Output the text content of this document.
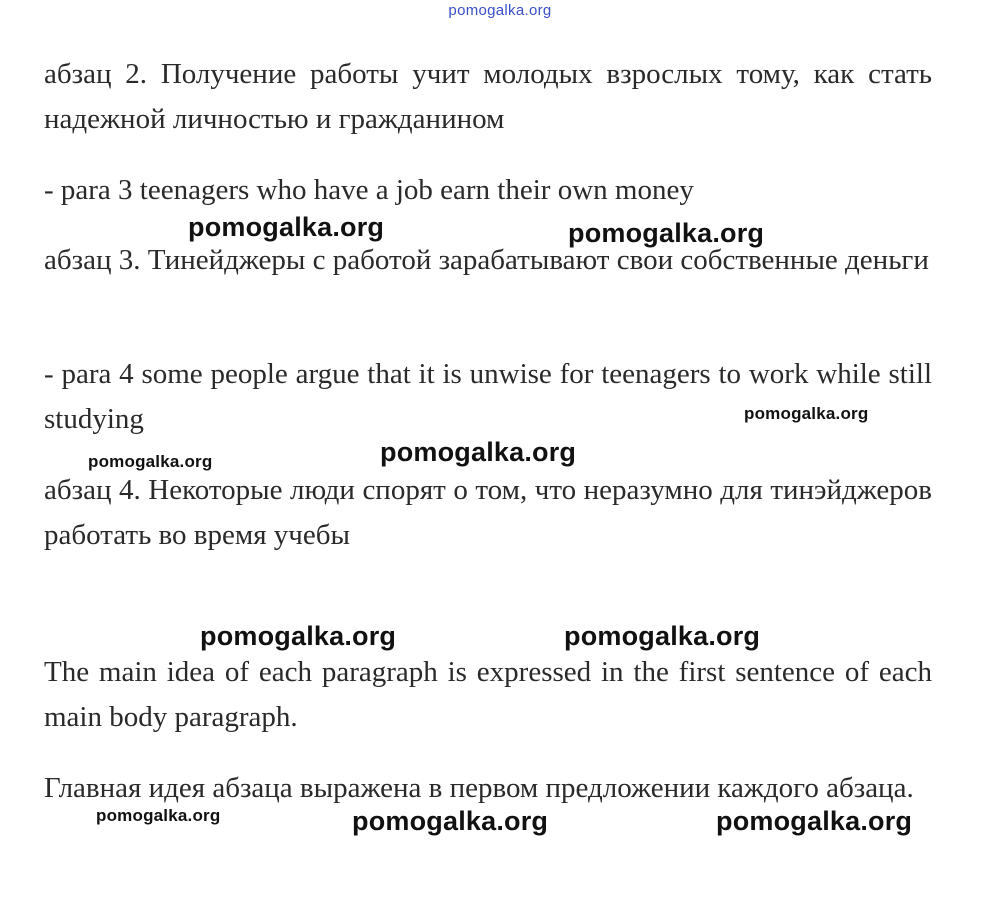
pomogalka.org

абзац 2. Получение работы учит молодых взрослых тому, как стать надежной личностью и гражданином

- para 3 teenagers who have a job earn their own money

абзац 3. Тинейджеры с работой зарабатывают свои собственные деньги

- para 4 some people argue that it is unwise for teenagers to work while still studying

абзац 4. Некоторые люди спорят о том, что неразумно для тинэйджеров работать во время учебы

The main idea of each paragraph is expressed in the first sentence of each main body paragraph.

Главная идея абзаца выражена в первом предложении каждого абзаца.

pomogalka.org	pomogalka.org
pomogalka.org
pomogalka.org	pomogalka.org
pomogalka.org	pomogalka.org
pomogalka.org	pomogalka.org	pomogalka.org
